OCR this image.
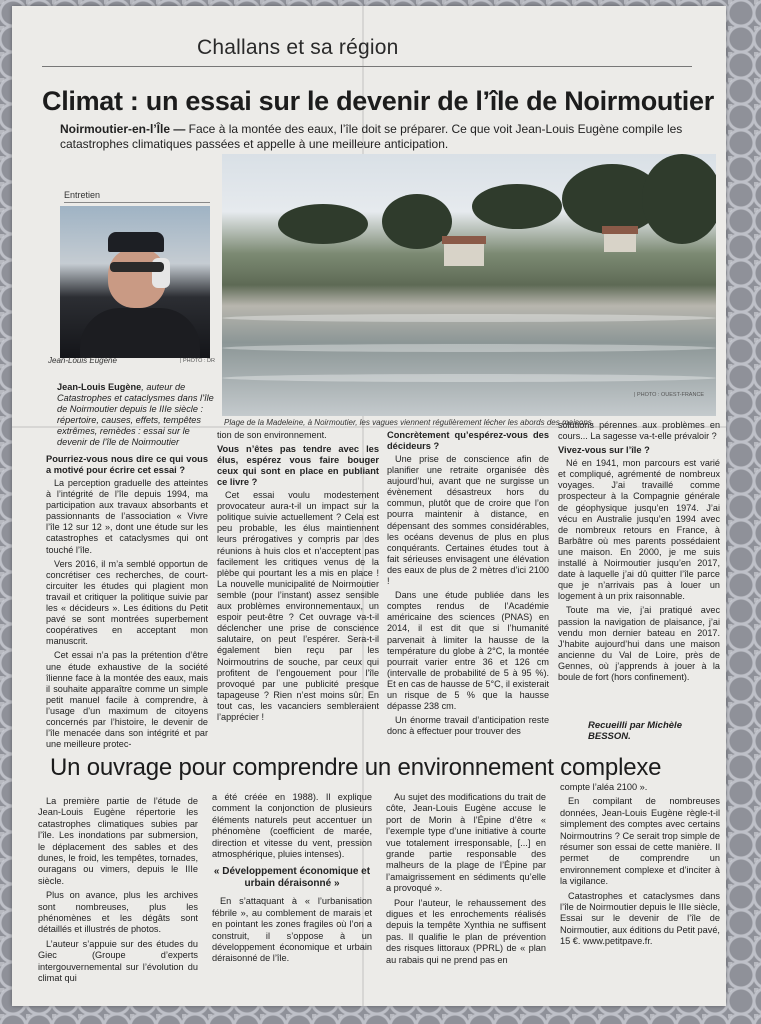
Challans et sa région
Climat : un essai sur le devenir de l’île de Noirmoutier
Noirmoutier-en-l’Île — Face à la montée des eaux, l’île doit se préparer. Ce que voit Jean-Louis Eugène compile les catastrophes climatiques passées et appelle à une meilleure anticipation.
Entretien
Jean-Louis Eugène	| PHOTO : DR
Plage de la Madeleine, à Noirmoutier, les vagues viennent régulièrement lécher les abords des maisons.
| PHOTO : OUEST-FRANCE
Jean-Louis Eugène, auteur de Catastrophes et cataclysmes dans l’île de Noirmoutier depuis le IIIe siècle : répertoire, causes, effets, tempêtes extrêmes, remèdes : essai sur le devenir de l’île de Noirmoutier
Pourriez-vous nous dire ce qui vous a motivé pour écrire cet essai ?

La perception graduelle des atteintes à l’intégrité de l’île depuis 1994, ma participation aux travaux absorbants et passionnants de l’association « Vivre l’île 12 sur 12 », dont une étude sur les catastrophes et cataclysmes qui ont touché l’île.

Vers 2016, il m’a semblé opportun de concrétiser ces recherches, de court-circuiter les études qui plagient mon travail et critiquer la politique suivie par les « décideurs ». Les éditions du Petit pavé se sont montrées superbement coopératives en acceptant mon manuscrit.

Cet essai n’a pas la prétention d’être une étude exhaustive de la société îlienne face à la montée des eaux, mais il souhaite apparaître comme un simple petit manuel facile à comprendre, à l’usage d’un maximum de citoyens concernés par l’histoire, le devenir de l’île menacée dans son intégrité et par une meilleure protec-

tion de son environnement.

Vous n’êtes pas tendre avec les élus, espérez vous faire bouger ceux qui sont en place en publiant ce livre ?

Cet essai voulu modestement provocateur aura-t-il un impact sur la politique suivie actuellement ? Cela est peu probable, les élus maintiennent leurs prérogatives y compris par des réunions à huis clos et n’acceptent pas facilement les critiques venus de la plèbe qui pourtant les a mis en place ! La nouvelle municipalité de Noirmoutier semble (pour l’instant) assez sensible aux problèmes environnementaux, un espoir peut-être ? Cet ouvrage va-t-il déclencher une prise de conscience salutaire, on peut l’espérer. Sera-t-il également bien reçu par les Noirmoutrins de souche, par ceux qui profitent de l’engouement pour l’île provoqué par une publicité presque tapageuse ? Rien n’est moins sûr. En tout cas, les vacanciers sembleraient l’apprécier !

Concrètement qu’espérez-vous des décideurs ?

Une prise de conscience afin de planifier une retraite organisée dès aujourd’hui, avant que ne surgisse un évènement désastreux hors du commun, plutôt que de croire que l’on pourra maintenir à distance, en dépensant des sommes considérables, les océans devenus de plus en plus conquérants. Certaines études tout à fait sérieuses envisagent une élévation des eaux de plus de 2 mètres d’ici 2100 !

Dans une étude publiée dans les comptes rendus de l’Académie américaine des sciences (PNAS) en 2014, il est dit que si l’humanité parvenait à limiter la hausse de la température du globe à 2°C, la montée pourrait varier entre 36 et 126 cm (intervalle de probabilité de 5 à 95 %). Et en cas de hausse de 5°C, il existerait un risque de 5 % que la hausse dépasse 238 cm.

Un énorme travail d’anticipation reste donc à effectuer pour trouver des

solutions pérennes aux problèmes en cours... La sagesse va-t-elle prévaloir ?

Vivez-vous sur l’île ?

Né en 1941, mon parcours est varié et compliqué, agrémenté de nombreux voyages. J’ai travaillé comme prospecteur à la Compagnie générale de géophysique jusqu’en 1974. J’ai vécu en Australie jusqu’en 1994 avec de nombreux retours en France, à Barbâtre où mes parents possédaient une maison. En 2000, je me suis installé à Noirmoutier jusqu’en 2017, date à laquelle j’ai dû quitter l’île parce que je n’arrivais pas à louer un logement à un prix raisonnable.

Toute ma vie, j’ai pratiqué avec passion la navigation de plaisance, j’ai vendu mon dernier bateau en 2017. J’habite aujourd’hui dans une maison ancienne du Val de Loire, près de Gennes, où j’apprends à jouer à la boule de fort (hors confinement).

Recueilli par Michèle BESSON.
Un ouvrage pour comprendre un environnement complexe

La première partie de l’étude de Jean-Louis Eugène répertorie les catastrophes climatiques subies par l’île. Les inondations par submersion, le déplacement des sables et des dunes, le froid, les tempêtes, tornades, ouragans ou vimers, depuis le IIIe siècle.

Plus on avance, plus les archives sont nombreuses, plus les phénomènes et les dégâts sont détaillés et illustrés de photos.

L’auteur s’appuie sur des études du Giec (Groupe d’experts intergouvernemental sur l’évolution du climat qui

a été créée en 1988). Il explique comment la conjonction de plusieurs éléments naturels peut accentuer un phénomène (coefficient de marée, direction et vitesse du vent, pression atmosphérique, pluies intenses).

« Développement économique et urbain déraisonné »

En s’attaquant à « l’urbanisation fébrile », au comblement de marais et en pointant les zones fragiles où l’on a construit, il s’oppose à un développement économique et urbain déraisonné de l’île.

Au sujet des modifications du trait de côte, Jean-Louis Eugène accuse le port de Morin à l’Épine d’être « l’exemple type d’une initiative à courte vue totalement irresponsable, [...] en grande partie responsable des malheurs de la plage de l’Épine par l’amaigrissement en sédiments qu’elle a provoqué ».

Pour l’auteur, le rehaussement des digues et les enrochements réalisés depuis la tempête Xynthia ne suffisent pas. Il qualifie le plan de prévention des risques littoraux (PPRL) de « plan au rabais qui ne prend pas en

compte l’aléa 2100 ».

En compilant de nombreuses données, Jean-Louis Eugène règle-t-il simplement des comptes avec certains Noirmoutrins ? Ce serait trop simple de résumer son essai de cette manière. Il permet de comprendre un environnement complexe et d’inciter à la vigilance.

Catastrophes et cataclysmes dans l’île de Noirmoutier depuis le IIIe siècle, Essai sur le devenir de l’île de Noirmoutier, aux éditions du Petit pavé, 15 €. www.petitpave.fr.
